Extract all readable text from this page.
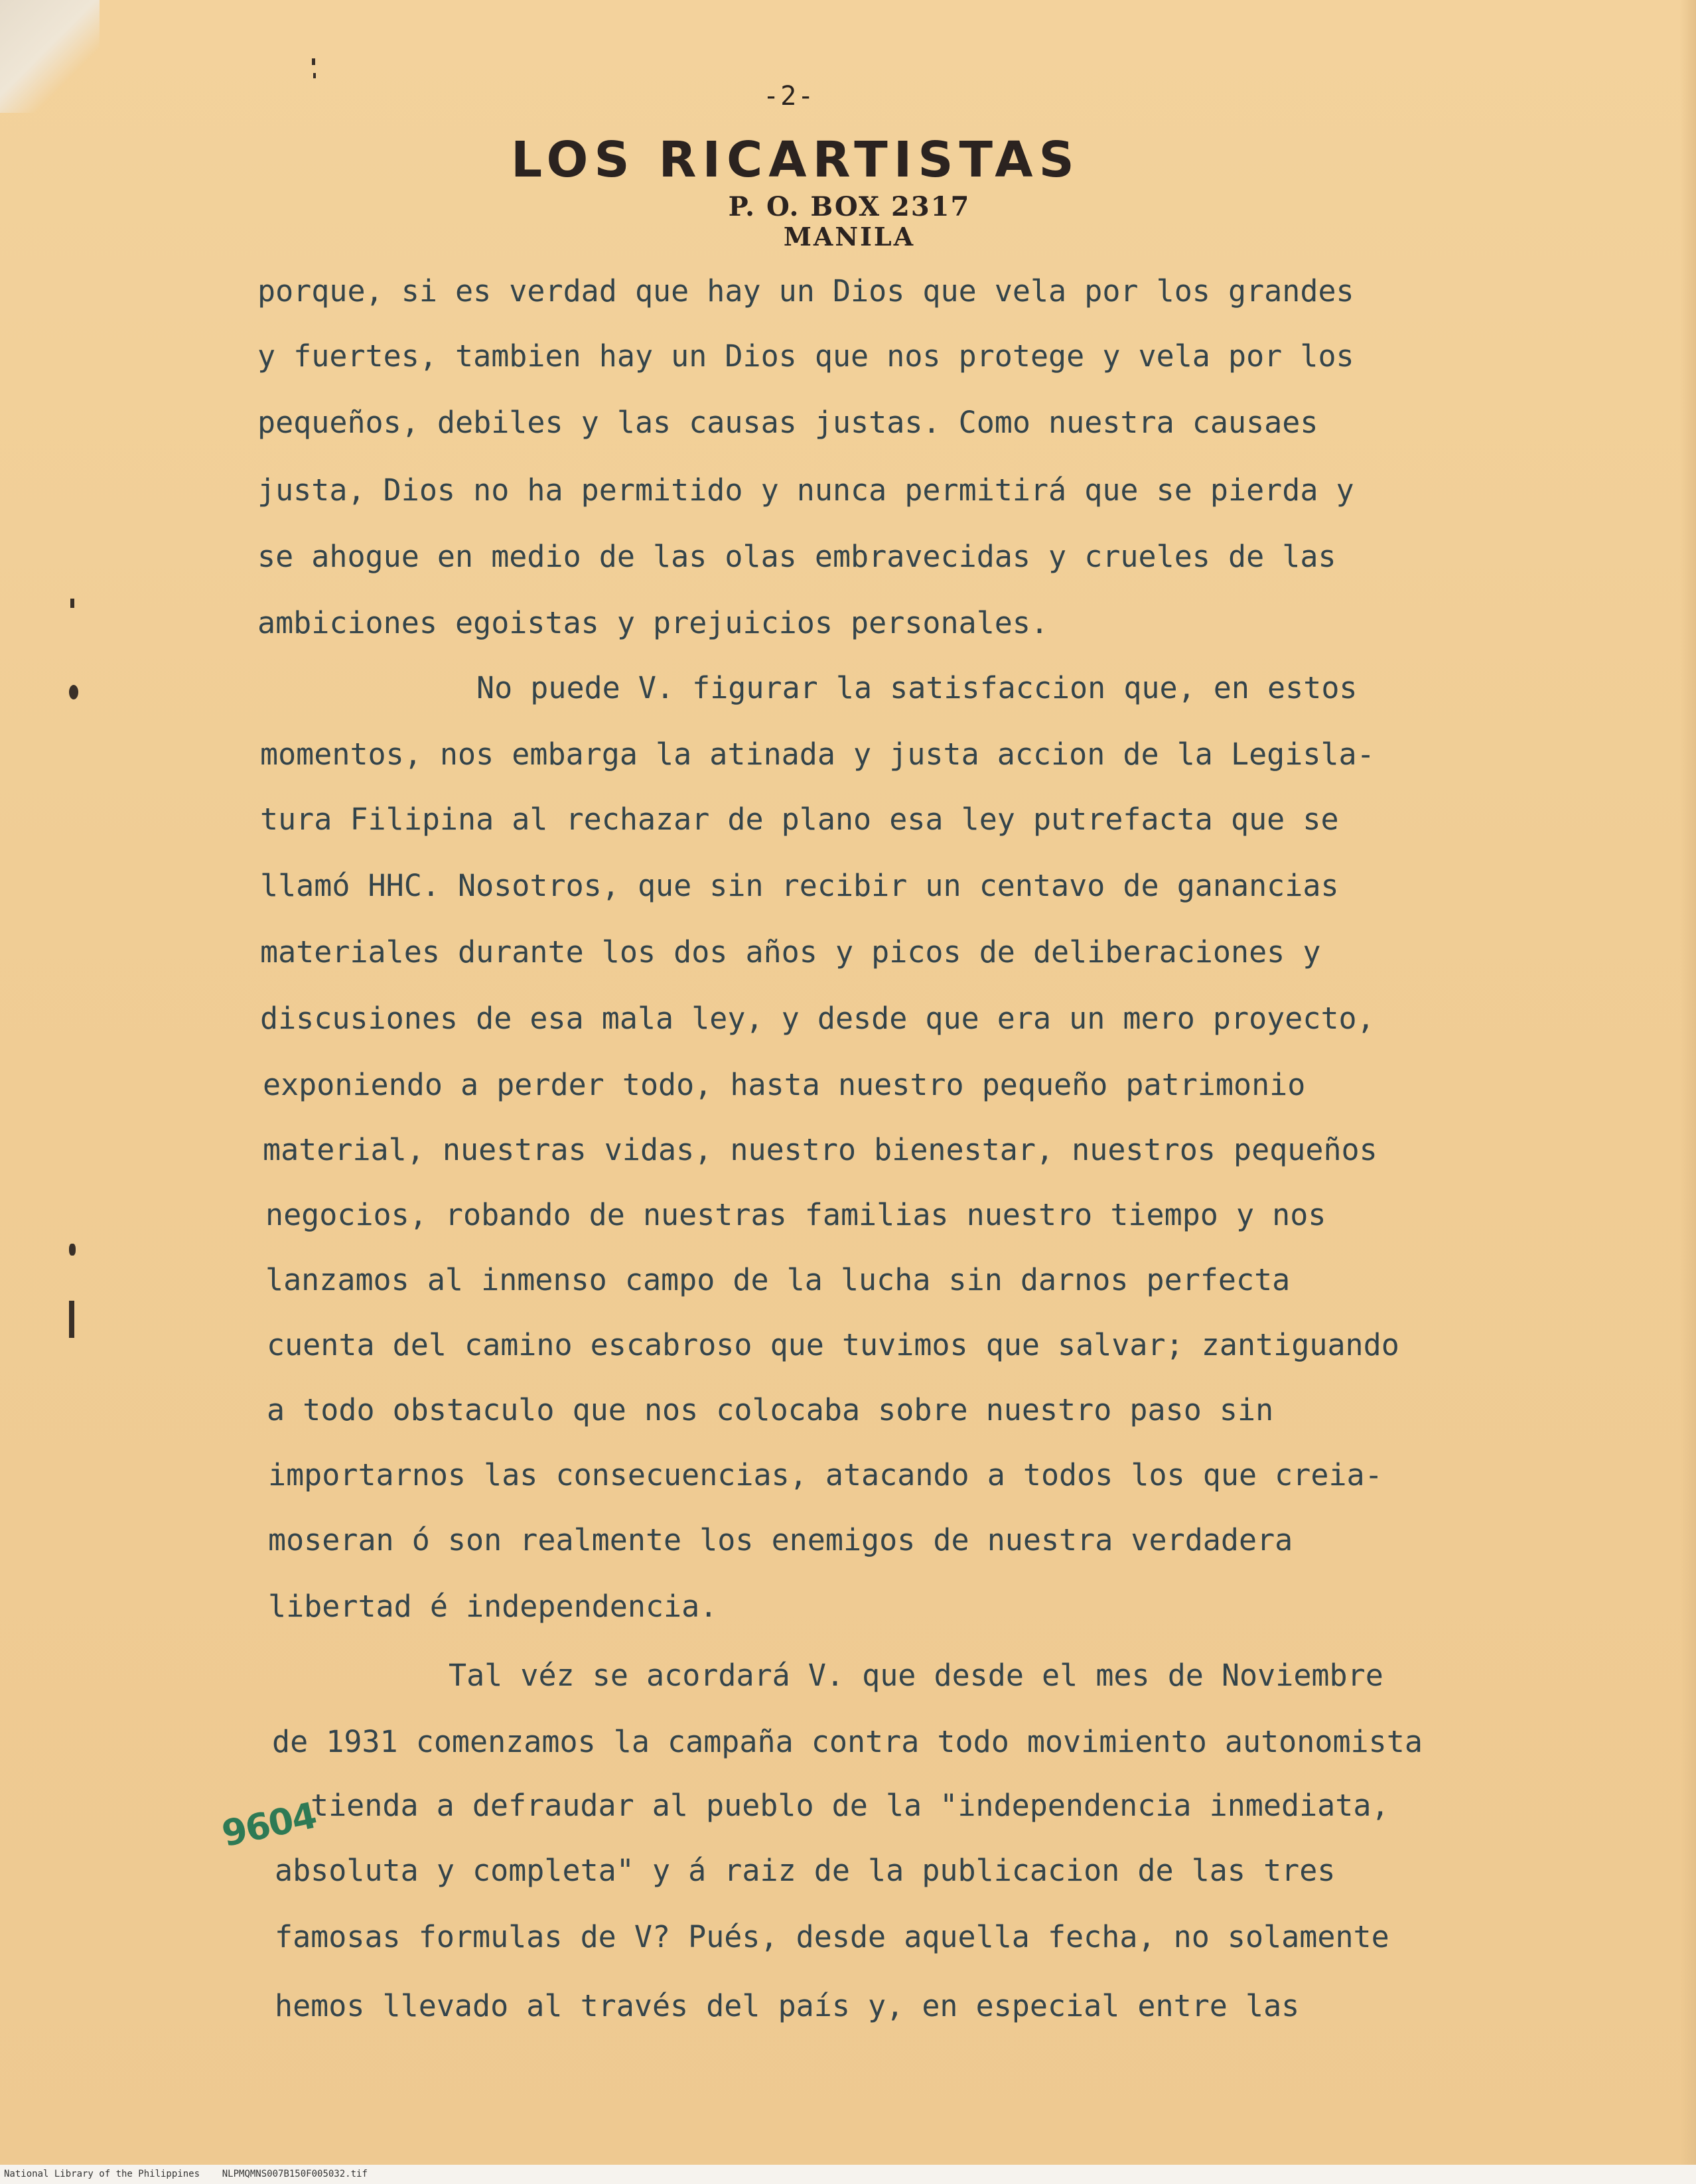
-2-
LOS RICARTISTAS
P. O. BOX 2317
MANILA
porque, si es verdad que hay un Dios que vela por los grandes
y fuertes, tambien hay un Dios que nos protege y vela por los
pequeños, debiles y las causas justas. Como nuestra causaes
justa, Dios no ha permitido y nunca permitirá que se pierda y
se ahogue en medio de las olas embravecidas y crueles de las
ambiciones egoistas y prejuicios personales.
No puede V. figurar la satisfaccion que, en estos
momentos, nos embarga la atinada y justa accion de la Legisla-
tura Filipina al rechazar de plano esa ley putrefacta que se
llamó HHC. Nosotros, que sin recibir un centavo de ganancias
materiales durante los dos años y picos de deliberaciones y
discusiones de esa mala ley, y desde que era un mero proyecto,
exponiendo a perder todo, hasta nuestro pequeño patrimonio
material, nuestras vidas, nuestro bienestar, nuestros pequeños
negocios, robando de nuestras familias nuestro tiempo y nos
lanzamos al inmenso campo de la lucha sin darnos perfecta
cuenta del camino escabroso que tuvimos que salvar; zantiguando
a todo obstaculo que nos colocaba sobre nuestro paso sin
importarnos las consecuencias, atacando a todos los que creia-
moseran ó son realmente los enemigos de nuestra verdadera
libertad é independencia.
Tal véz se acordará V. que desde el mes de Noviembre
de 1931 comenzamos la campaña contra todo movimiento autonomista
tienda a defraudar al pueblo de la "independencia inmediata,
absoluta y completa" y á raiz de la publicacion de las tres
famosas formulas de V? Pués, desde aquella fecha, no solamente
hemos llevado al través del país y, en especial entre las
9604
National Library of the Philippines NLPMQMNS007B150F005032.tif
